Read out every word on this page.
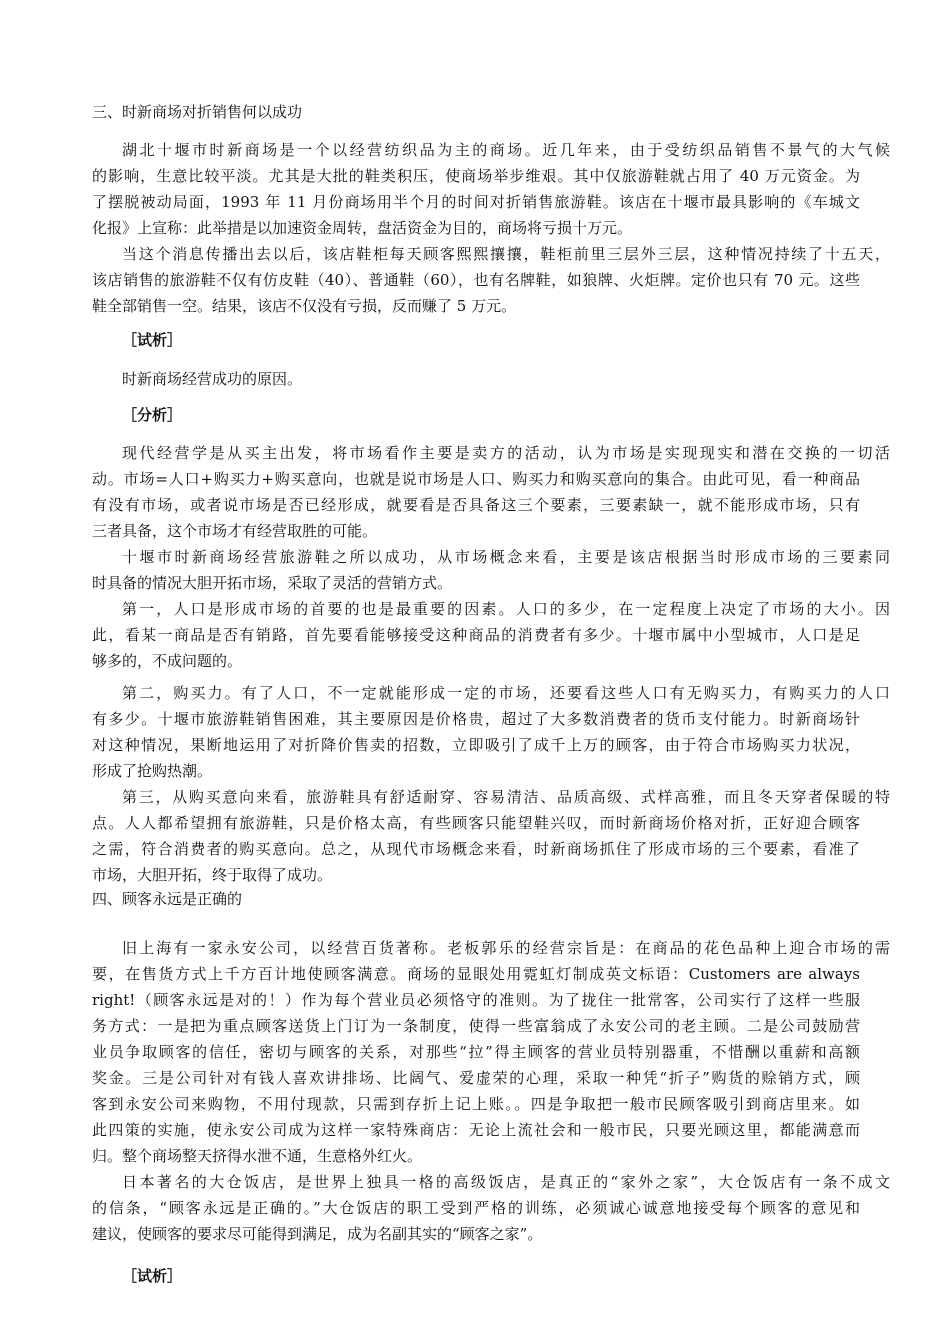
三、时新商场对折销售何以成功
湖北十堰市时新商场是一个以经营纺织品为主的商场。近几年来，由于受纺织品销售不景气的大气候
的影响，生意比较平淡。尤其是大批的鞋类积压，使商场举步维艰。其中仅旅游鞋就占用了 40 万元资金。为
了摆脱被动局面，1993 年 11 月份商场用半个月的时间对折销售旅游鞋。该店在十堰市最具影响的《车城文
化报》上宣称：此举措是以加速资金周转，盘活资金为目的，商场将亏损十万元。
当这个消息传播出去以后，该店鞋柜每天顾客熙熙攘攘，鞋柜前里三层外三层，这种情况持续了十五天，
该店销售的旅游鞋不仅有仿皮鞋（40）、普通鞋（60），也有名牌鞋，如狼牌、火炬牌。定价也只有 70 元。这些
鞋全部销售一空。结果，该店不仅没有亏损，反而赚了 5 万元。
［试析］
时新商场经营成功的原因。
［分析］
现代经营学是从买主出发，将市场看作主要是卖方的活动，认为市场是实现现实和潜在交换的一切活
动。市场=人口+购买力+购买意向，也就是说市场是人口、购买力和购买意向的集合。由此可见，看一种商品
有没有市场，或者说市场是否已经形成，就要看是否具备这三个要素，三要素缺一，就不能形成市场，只有
三者具备，这个市场才有经营取胜的可能。
十堰市时新商场经营旅游鞋之所以成功，从市场概念来看，主要是该店根据当时形成市场的三要素同
时具备的情况大胆开拓市场，采取了灵活的营销方式。
第一，人口是形成市场的首要的也是最重要的因素。人口的多少，在一定程度上决定了市场的大小。因
此，看某一商品是否有销路，首先要看能够接受这种商品的消费者有多少。十堰市属中小型城市，人口是足
够多的，不成问题的。
第二，购买力。有了人口，不一定就能形成一定的市场，还要看这些人口有无购买力，有购买力的人口
有多少。十堰市旅游鞋销售困难，其主要原因是价格贵，超过了大多数消费者的货币支付能力。时新商场针
对这种情况，果断地运用了对折降价售卖的招数，立即吸引了成千上万的顾客，由于符合市场购买力状况，
形成了抢购热潮。
第三，从购买意向来看，旅游鞋具有舒适耐穿、容易清洁、品质高级、式样高雅，而且冬天穿者保暖的特
点。人人都希望拥有旅游鞋，只是价格太高，有些顾客只能望鞋兴叹，而时新商场价格对折，正好迎合顾客
之需，符合消费者的购买意向。总之，从现代市场概念来看，时新商场抓住了形成市场的三个要素，看准了
市场，大胆开拓，终于取得了成功。
四、顾客永远是正确的
旧上海有一家永安公司，以经营百货著称。老板郭乐的经营宗旨是：在商品的花色品种上迎合市场的需
要，在售货方式上千方百计地使顾客满意。商场的显眼处用霓虹灯制成英文标语：Customers are always
right!（顾客永远是对的！）作为每个营业员必须恪守的准则。为了拢住一批常客，公司实行了这样一些服
务方式：一是把为重点顾客送货上门订为一条制度，使得一些富翁成了永安公司的老主顾。二是公司鼓励营
业员争取顾客的信任，密切与顾客的关系，对那些“拉”得主顾客的营业员特别器重，不惜酬以重薪和高额
奖金。三是公司针对有钱人喜欢讲排场、比阔气、爱虚荣的心理，采取一种凭“折子”购货的赊销方式，顾
客到永安公司来购物，不用付现款，只需到存折上记上账。。四是争取把一般市民顾客吸引到商店里来。如
此四策的实施，使永安公司成为这样一家特殊商店：无论上流社会和一般市民，只要光顾这里，都能满意而
归。整个商场整天挤得水泄不通，生意格外红火。
日本著名的大仓饭店，是世界上独具一格的高级饭店，是真正的“家外之家”，大仓饭店有一条不成文
的信条，“顾客永远是正确的。”大仓饭店的职工受到严格的训练，必须诚心诚意地接受每个顾客的意见和
建议，使顾客的要求尽可能得到满足，成为名副其实的“顾客之家”。
［试析］
